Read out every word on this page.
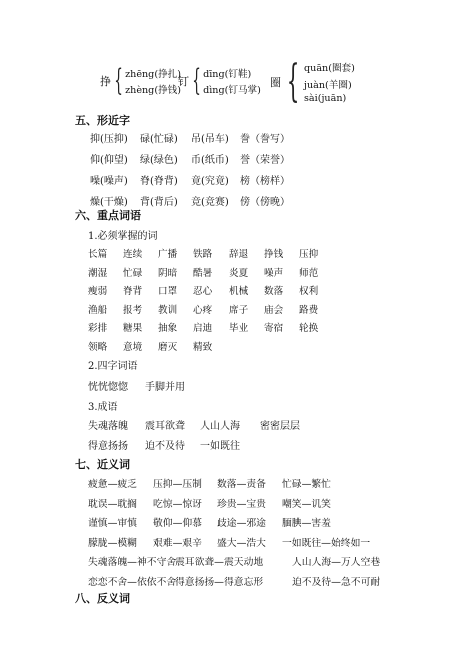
挣 { zhēng(挣扎)
zhèng(挣钱)
钉 { dīng(钉鞋)
dìng(钉马掌)
圈 { quān(圈套)
juàn(羊圈)
sài(juān)
五、形近字
抑(压抑) 碌(忙碌) 吊(吊车) 誊（誊写）
仰(仰望) 绿(绿色) 币(纸币) 誉（荣誉）
噪(噪声) 脊(脊背) 竟(究竟) 榜（榜样）
燥(干燥) 背(背后) 竞(竞赛) 傍（傍晚）
六、重点词语
1.必须掌握的词
长篇 连续 广播 铁路 辞退 挣钱 压抑
潮湿 忙碌 阴暗 酷暑 炎夏 噪声 师范
瘦弱 脊背 口罩 忍心 机械 数落 权利
渔船 报考 教训 心疼 席子 庙会 路费
彩排 糖果 抽象 启迪 毕业 寄宿 轮换
领略 意境 磨灭 精致
2.四字词语
恍恍惚惚 手脚并用
3.成语
失魂落魄 震耳欲聋 人山人海 密密层层
得意扬扬 迫不及待 一如既往
七、近义词
疲惫—疲乏 压抑—压制 数落—责备 忙碌—繁忙
耽误—耽搁 吃惊—惊讶 珍贵—宝贵 嘲笑—讥笑
谨慎—审慎 敬仰—仰慕 歧途—邪途 腼腆—害羞
朦胧—模糊 艰难—艰辛 盛大—浩大 一如既往—始终如一
失魂落魄—神不守舍
震耳欲聋—震天动地	人山人海—万人空巷
恋恋不舍—依依不舍
得意扬扬—得意忘形	迫不及待—急不可耐
八、反义词
